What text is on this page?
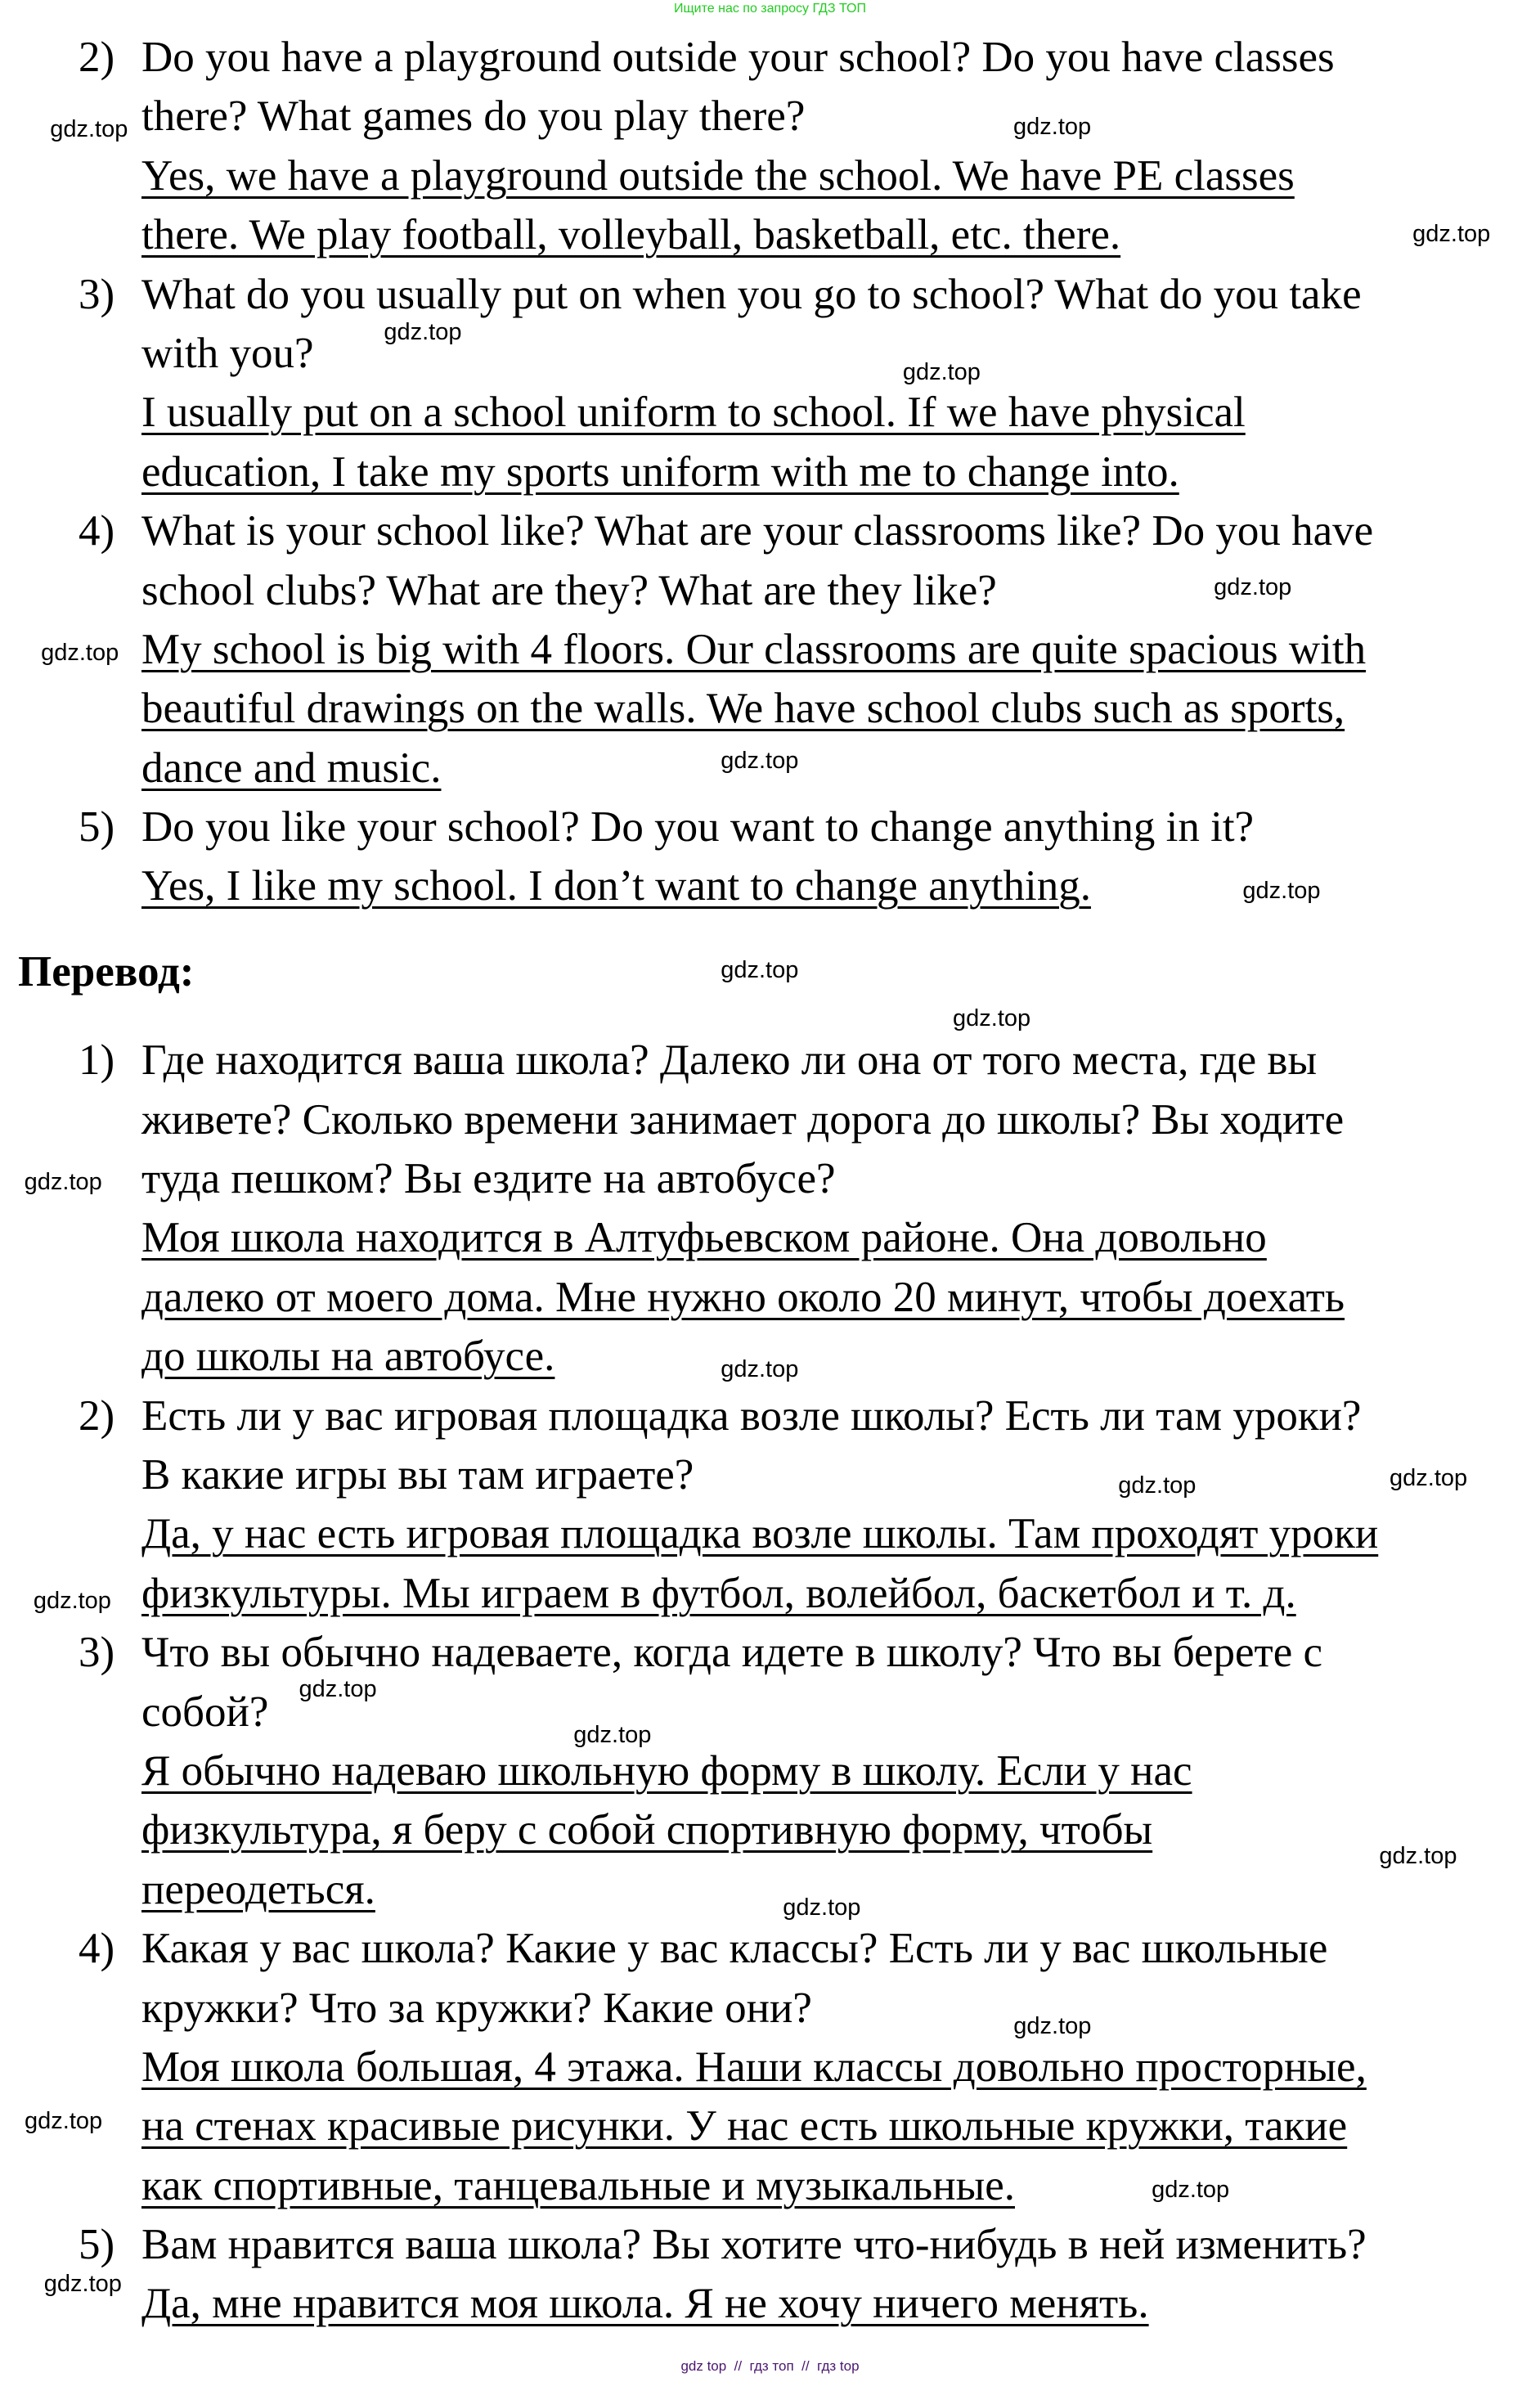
Ищите нас по запросу ГДЗ ТОП
2) Do you have a playground outside your school? Do you have classes
there? What games do you play there?
Yes, we have a playground outside the school. We have PE classes
there. We play football, volleyball, basketball, etc. there.
3) What do you usually put on when you go to school? What do you take
with you?
I usually put on a school uniform to school. If we have physical
education, I take my sports uniform with me to change into.
4) What is your school like? What are your classrooms like? Do you have
school clubs? What are they? What are they like?
My school is big with 4 floors. Our classrooms are quite spacious with
beautiful drawings on the walls. We have school clubs such as sports,
dance and music.
5) Do you like your school? Do you want to change anything in it?
Yes, I like my school. I don’t want to change anything.
Перевод:
1) Где находится ваша школа? Далеко ли она от того места, где вы
живете? Сколько времени занимает дорога до школы? Вы ходите
туда пешком? Вы ездите на автобусе?
Моя школа находится в Алтуфьевском районе. Она довольно
далеко от моего дома. Мне нужно около 20 минут, чтобы доехать
до школы на автобусе.
2) Есть ли у вас игровая площадка возле школы? Есть ли там уроки?
В какие игры вы там играете?
Да, у нас есть игровая площадка возле школы. Там проходят уроки
физкультуры. Мы играем в футбол, волейбол, баскетбол и т. д.
3) Что вы обычно надеваете, когда идете в школу? Что вы берете с
собой?
Я обычно надеваю школьную форму в школу. Если у нас
физкультура, я беру с собой спортивную форму, чтобы
переодеться.
4) Какая у вас школа? Какие у вас классы? Есть ли у вас школьные
кружки? Что за кружки? Какие они?
Моя школа большая, 4 этажа. Наши классы довольно просторные,
на стенах красивые рисунки. У нас есть школьные кружки, такие
как спортивные, танцевальные и музыкальные.
5) Вам нравится ваша школа? Вы хотите что-нибудь в ней изменить?
Да, мне нравится моя школа. Я не хочу ничего менять.
gdz.top
gdz.top
gdz.top
gdz.top
gdz.top
gdz.top
gdz.top
gdz.top
gdz.top
gdz.top
gdz.top
gdz.top
gdz.top
gdz.top
gdz.top
gdz.top
gdz.top
gdz.top
gdz.top
gdz.top
gdz.top
gdz.top
gdz.top
gdz.top
gdz top  //  гдз топ  //  гдз top
